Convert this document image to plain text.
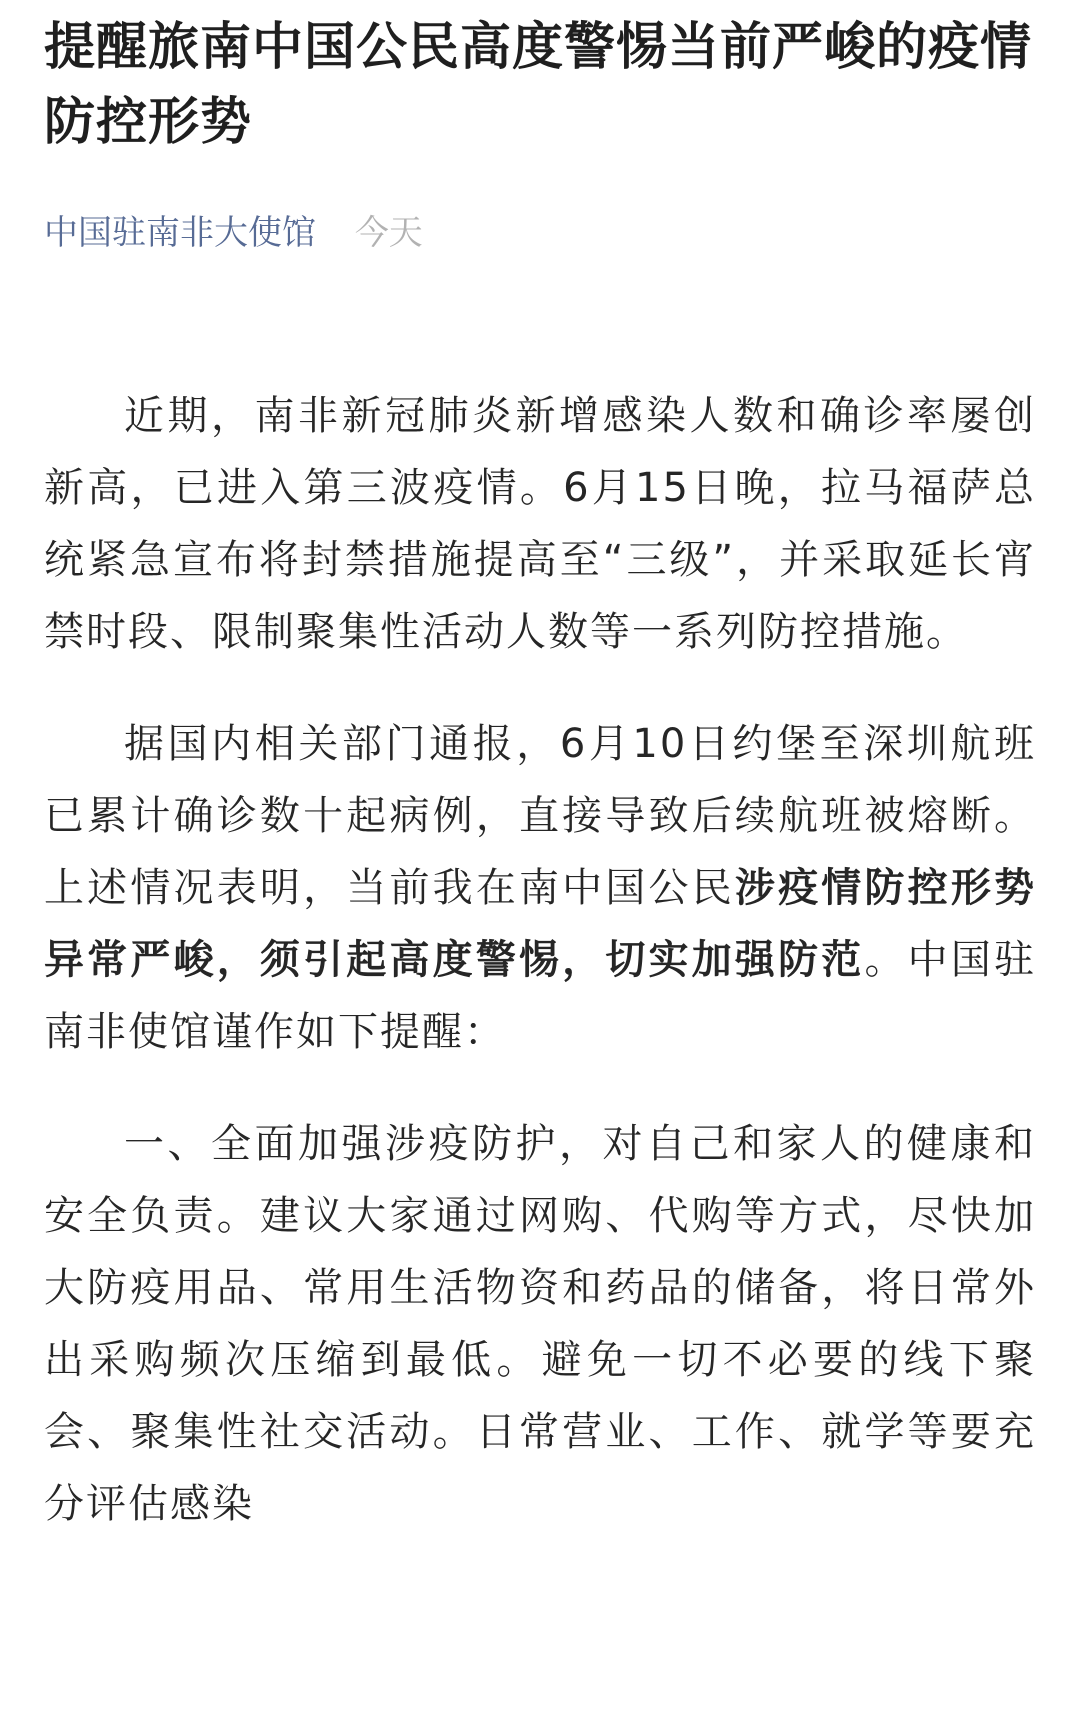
提醒旅南中国公民高度警惕当前严峻的疫情防控形势
中国驻南非大使馆 今天

近期，南非新冠肺炎新增感染人数和确诊率屡创新高，已进入第三波疫情。6月15日晚，拉马福萨总统紧急宣布将封禁措施提高至“三级”，并采取延长宵禁时段、限制聚集性活动人数等一系列防控措施。

据国内相关部门通报，6月10日约堡至深圳航班已累计确诊数十起病例，直接导致后续航班被熔断。上述情况表明，当前我在南中国公民涉疫情防控形势异常严峻，须引起高度警惕，切实加强防范。中国驻南非使馆谨作如下提醒：

一、全面加强涉疫防护，对自己和家人的健康和安全负责。建议大家通过网购、代购等方式，尽快加大防疫用品、常用生活物资和药品的储备，将日常外出采购频次压缩到最低。避免一切不必要的线下聚会、聚集性社交活动。日常营业、工作、就学等要充分评估感染
